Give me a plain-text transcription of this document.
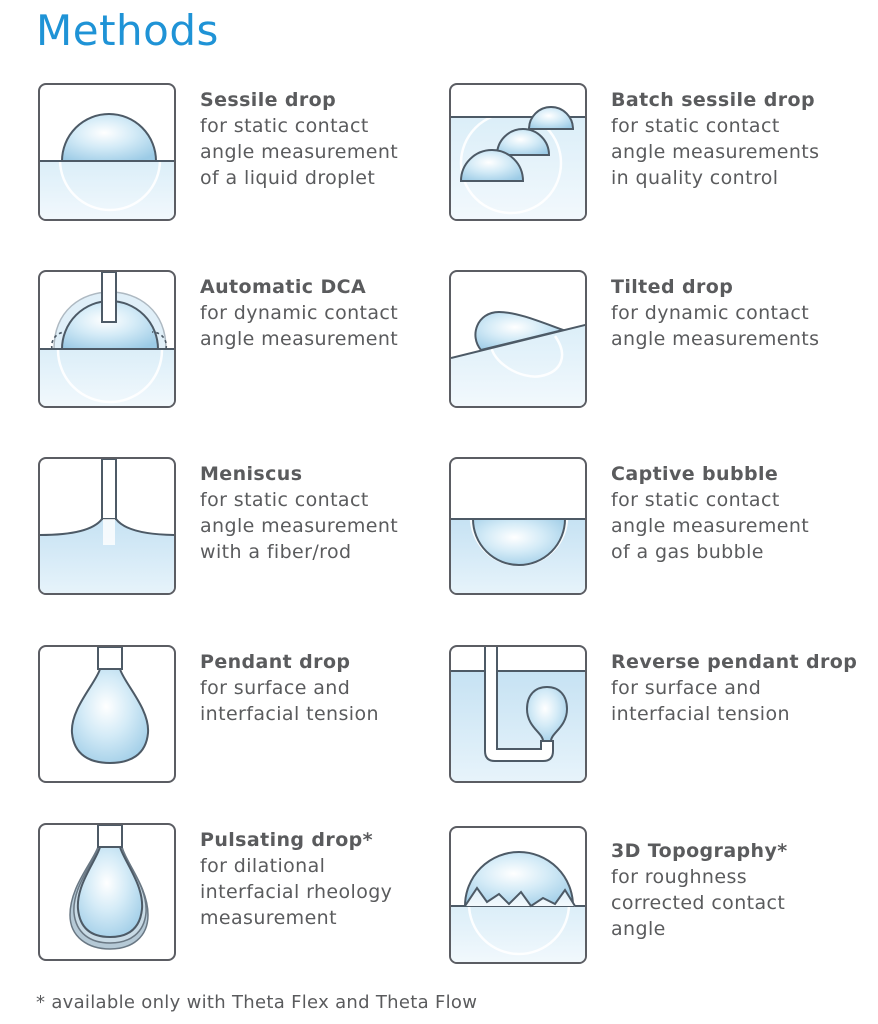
Methods
Sessile drop
for static contact
angle measurement
of a liquid droplet
Batch sessile drop
for static contact
angle measurements
in quality control
Automatic DCA
for dynamic contact
angle measurement
Tilted drop
for dynamic contact
angle measurements
Meniscus
for static contact
angle measurement
with a fiber/rod
Captive bubble
for static contact
angle measurement
of a gas bubble
Pendant drop
for surface and
interfacial tension
Reverse pendant drop
for surface and
interfacial tension
Pulsating drop*
for dilational
interfacial rheology
measurement
3D Topography*
for roughness
corrected contact
angle
* available only with Theta Flex and Theta Flow
